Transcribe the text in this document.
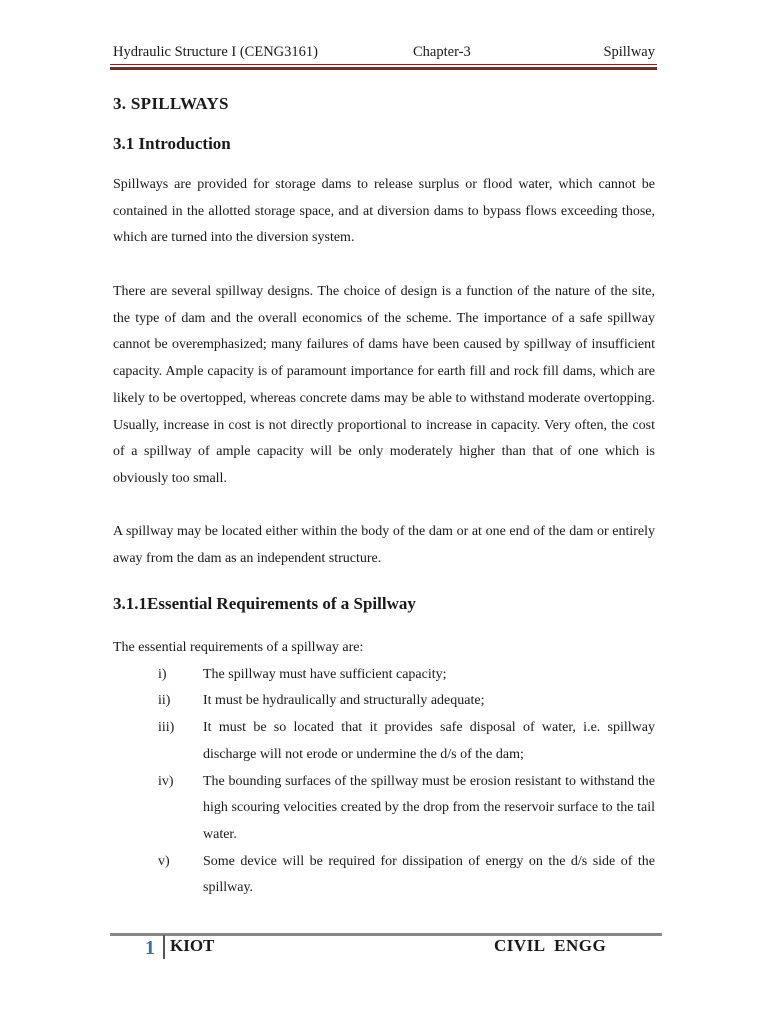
Hydraulic Structure I (CENG3161)	Chapter-3	Spillway
3. SPILLWAYS
3.1 Introduction

Spillways are provided for storage dams to release surplus or flood water, which cannot be contained in the allotted storage space, and at diversion dams to bypass flows exceeding those, which are turned into the diversion system.

There are several spillway designs. The choice of design is a function of the nature of the site, the type of dam and the overall economics of the scheme. The importance of a safe spillway cannot be overemphasized; many failures of dams have been caused by spillway of insufficient capacity. Ample capacity is of paramount importance for earth fill and rock fill dams, which are likely to be overtopped, whereas concrete dams may be able to withstand moderate overtopping. Usually, increase in cost is not directly proportional to increase in capacity. Very often, the cost of a spillway of ample capacity will be only moderately higher than that of one which is obviously too small.

A spillway may be located either within the body of the dam or at one end of the dam or entirely away from the dam as an independent structure.

3.1.1Essential Requirements of a Spillway
The essential requirements of a spillway are:
i)	The spillway must have sufficient capacity;
ii) It must be hydraulically and structurally adequate;
iii) It must be so located that it provides safe disposal of water, i.e. spillway discharge will not erode or undermine the d/s of the dam;
iv) The bounding surfaces of the spillway must be erosion resistant to withstand the high scouring velocities created by the drop from the reservoir surface to the tail water.
v) Some device will be required for dissipation of energy on the d/s side of the spillway.
1 KIOT	CIVIL  ENGG
